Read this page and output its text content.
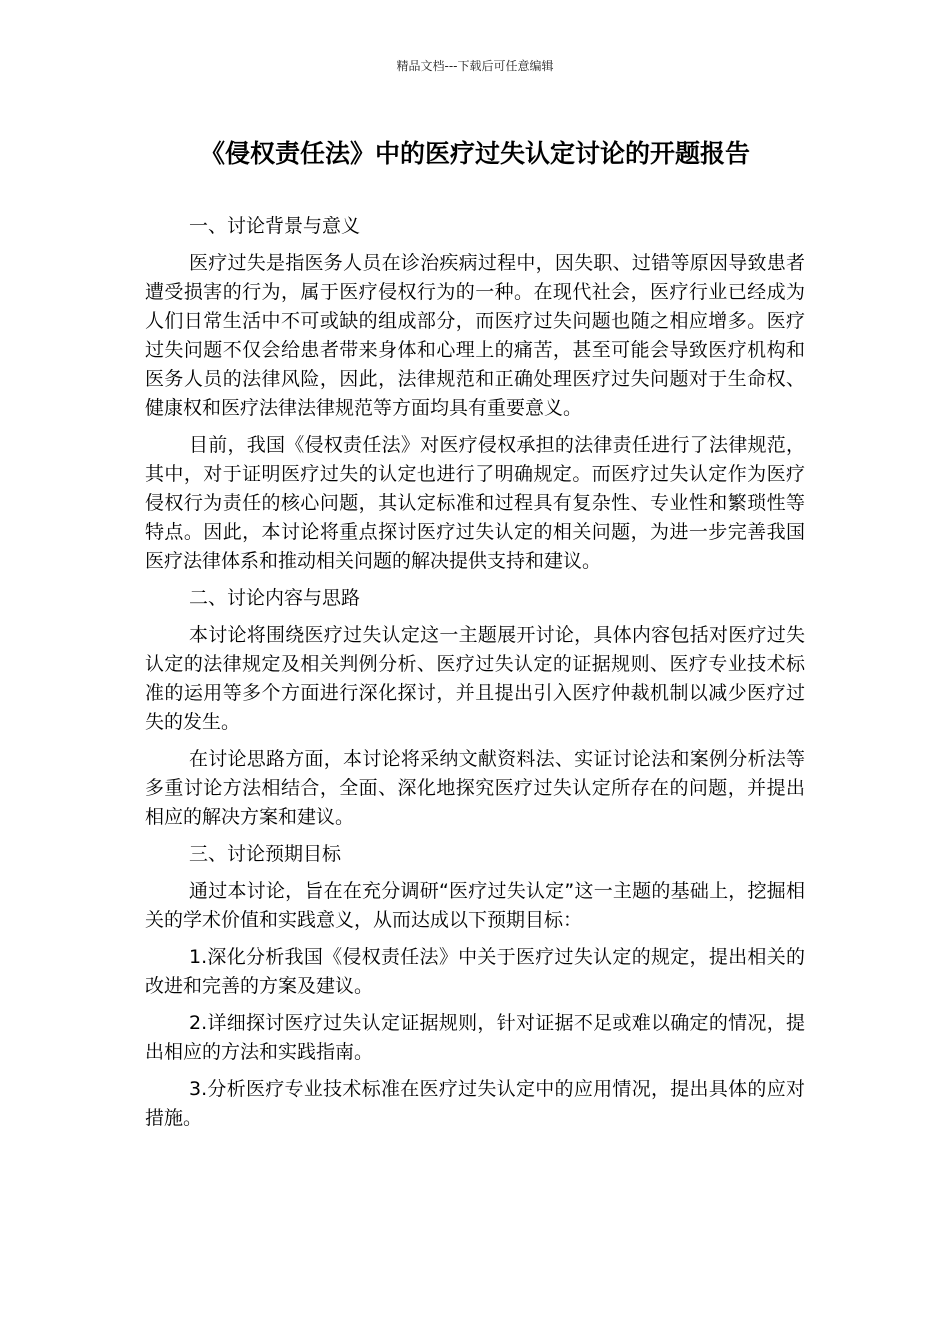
精品文档---下载后可任意编辑
《侵权责任法》中的医疗过失认定讨论的开题报告

一、讨论背景与意义

医疗过失是指医务人员在诊治疾病过程中，因失职、过错等原因导致患者遭受损害的行为，属于医疗侵权行为的一种。在现代社会，医疗行业已经成为人们日常生活中不可或缺的组成部分，而医疗过失问题也随之相应增多。医疗过失问题不仅会给患者带来身体和心理上的痛苦，甚至可能会导致医疗机构和医务人员的法律风险，因此，法律规范和正确处理医疗过失问题对于生命权、健康权和医疗法律法律规范等方面均具有重要意义。

目前，我国《侵权责任法》对医疗侵权承担的法律责任进行了法律规范，其中，对于证明医疗过失的认定也进行了明确规定。而医疗过失认定作为医疗侵权行为责任的核心问题，其认定标准和过程具有复杂性、专业性和繁琐性等特点。因此，本讨论将重点探讨医疗过失认定的相关问题，为进一步完善我国医疗法律体系和推动相关问题的解决提供支持和建议。

二、讨论内容与思路

本讨论将围绕医疗过失认定这一主题展开讨论，具体内容包括对医疗过失认定的法律规定及相关判例分析、医疗过失认定的证据规则、医疗专业技术标准的运用等多个方面进行深化探讨，并且提出引入医疗仲裁机制以减少医疗过失的发生。

在讨论思路方面，本讨论将采纳文献资料法、实证讨论法和案例分析法等多重讨论方法相结合，全面、深化地探究医疗过失认定所存在的问题，并提出相应的解决方案和建议。

三、讨论预期目标

通过本讨论，旨在在充分调研“医疗过失认定”这一主题的基础上，挖掘相关的学术价值和实践意义，从而达成以下预期目标：

1.深化分析我国《侵权责任法》中关于医疗过失认定的规定，提出相关的改进和完善的方案及建议。

2.详细探讨医疗过失认定证据规则，针对证据不足或难以确定的情况，提出相应的方法和实践指南。

3.分析医疗专业技术标准在医疗过失认定中的应用情况，提出具体的应对措施。
